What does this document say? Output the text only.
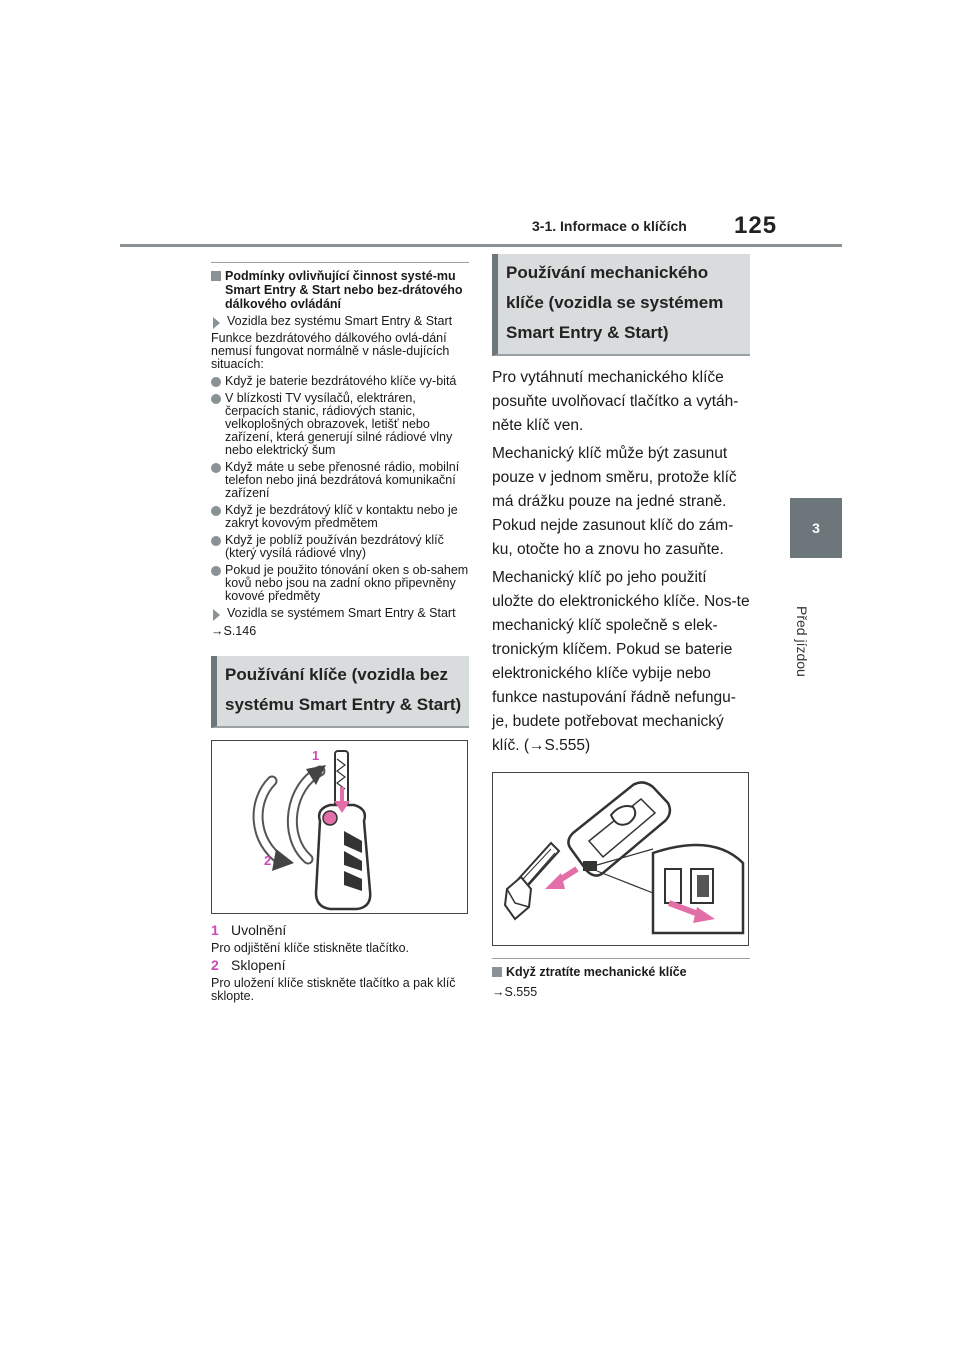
3-1. Informace o klíčích 125
3
Před jízdou
Podmínky ovlivňující činnost systé-mu Smart Entry & Start nebo bez-drátového dálkového ovládání
Vozidla bez systému Smart Entry & Start
Funkce bezdrátového dálkového ovlá-dání nemusí fungovat normálně v násle-dujících situacích:
Když je baterie bezdrátového klíče vy-bitá
V blízkosti TV vysílačů, elektráren, čerpacích stanic, rádiových stanic, velkoplošných obrazovek, letišť nebo zařízení, která generují silné rádiové vlny nebo elektrický šum
Když máte u sebe přenosné rádio, mobilní telefon nebo jiná bezdrátová komunikační zařízení
Když je bezdrátový klíč v kontaktu nebo je zakryt kovovým předmětem
Když je poblíž používán bezdrátový klíč (který vysílá rádiové vlny)
Pokud je použito tónování oken s ob-sahem kovů nebo jsou na zadní okno připevněny kovové předměty
Vozidla se systémem Smart Entry & Start
→S.146
Používání klíče (vozidla bez systému Smart Entry & Start)
1
2
1 Uvolnění
Pro odjištění klíče stiskněte tlačítko.
2 Sklopení
Pro uložení klíče stiskněte tlačítko a pak klíč sklopte.
Používání mechanického klíče (vozidla se systémem Smart Entry & Start)
Pro vytáhnutí mechanického klíče posuňte uvolňovací tlačítko a vytáh-něte klíč ven.
Mechanický klíč může být zasunut pouze v jednom směru, protože klíč má drážku pouze na jedné straně. Pokud nejde zasunout klíč do zám-ku, otočte ho a znovu ho zasuňte.
Mechanický klíč po jeho použití uložte do elektronického klíče. Nos-te mechanický klíč společně s elek-tronickým klíčem. Pokud se baterie elektronického klíče vybije nebo funkce nastupování řádně nefungu-je, budete potřebovat mechanický klíč. (→S.555)
Když ztratíte mechanické klíče
→S.555
